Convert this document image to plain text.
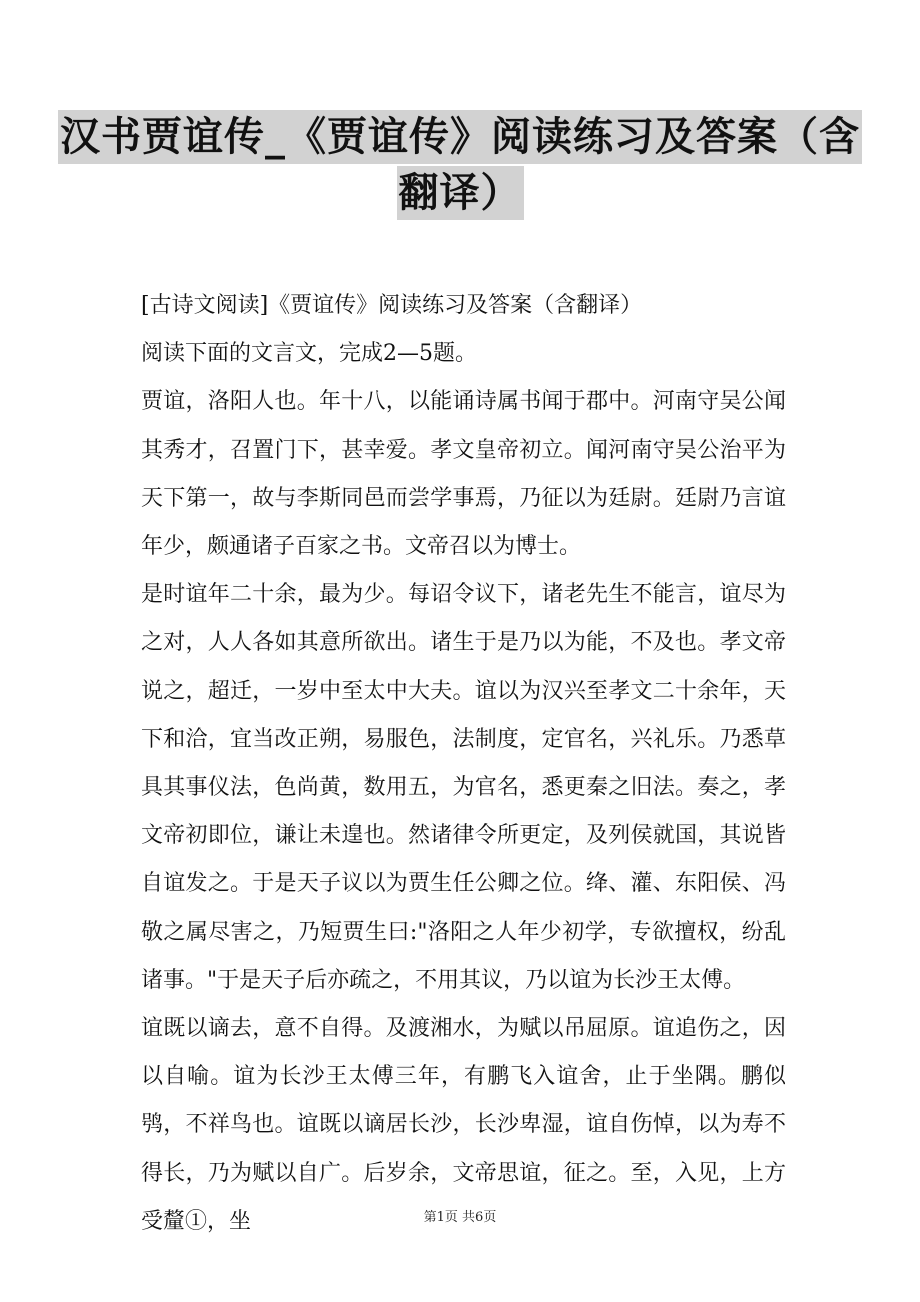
汉书贾谊传_《贾谊传》阅读练习及答案（含
翻译）

[古诗文阅读]《贾谊传》阅读练习及答案（含翻译）

阅读下面的文言文，完成2—5题。

贾谊，洛阳人也。年十八，以能诵诗属书闻于郡中。河南守吴公闻其秀才，召置门下，甚幸爱。孝文皇帝初立。闻河南守吴公治平为天下第一，故与李斯同邑而尝学事焉，乃征以为廷尉。廷尉乃言谊年少，颇通诸子百家之书。文帝召以为博士。

是时谊年二十余，最为少。每诏令议下，诸老先生不能言，谊尽为之对，人人各如其意所欲出。诸生于是乃以为能，不及也。孝文帝说之，超迁，一岁中至太中大夫。谊以为汉兴至孝文二十余年，天下和洽，宜当改正朔，易服色，法制度，定官名，兴礼乐。乃悉草具其事仪法，色尚黄，数用五，为官名，悉更秦之旧法。奏之，孝文帝初即位，谦让未遑也。然诸律令所更定，及列侯就国，其说皆自谊发之。于是天子议以为贾生任公卿之位。绛、灌、东阳侯、冯敬之属尽害之，乃短贾生曰:"洛阳之人年少初学，专欲擅权，纷乱诸事。"于是天子后亦疏之，不用其议，乃以谊为长沙王太傅。

谊既以谪去，意不自得。及渡湘水，为赋以吊屈原。谊追伤之，因以自喻。谊为长沙王太傅三年，有鹏飞入谊舍，止于坐隅。鹏似鸮，不祥鸟也。谊既以谪居长沙，长沙卑湿，谊自伤悼，以为寿不得长，乃为赋以自广。后岁余，文帝思谊，征之。至，入见，上方受釐①，坐	第1页 共6页
